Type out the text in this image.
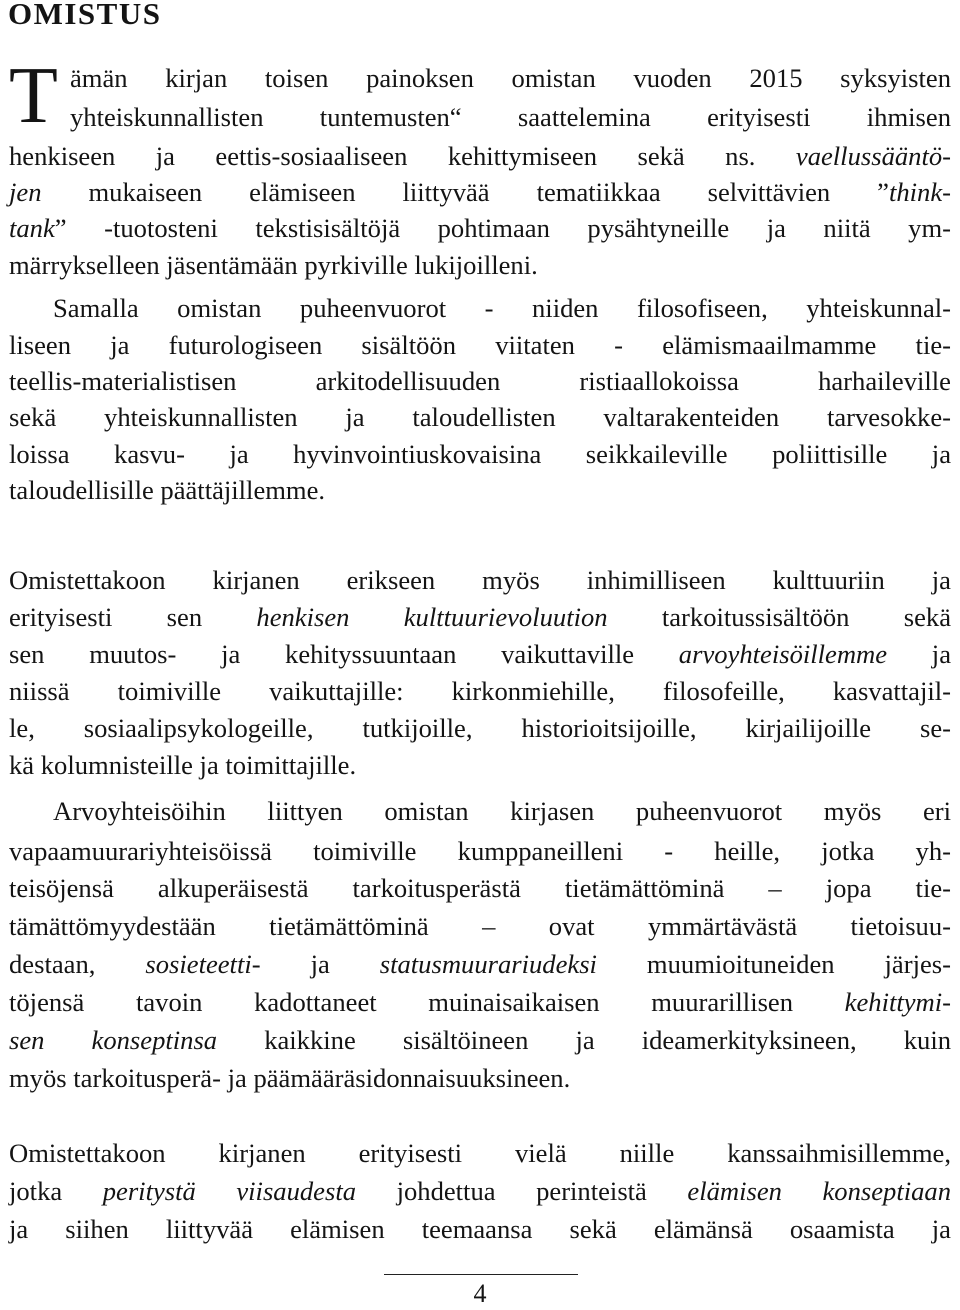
OMISTUS
T ämän kirjan toisen painoksen omistan vuoden 2015 syksyisten

yhteiskunnallisten tuntemusten“ saattelemina erityisesti ihmisen

henkiseen ja eettis-sosiaaliseen kehittymiseen sekä ns. vaellussääntö-

jen mukaiseen elämiseen liittyvää tematiikkaa selvittävien ”think-

tank” -tuotosteni tekstisisältöjä pohtimaan pysähtyneille ja niitä ym-

märrykselleen jäsentämään pyrkiville lukijoilleni.

Samalla omistan puheenvuorot - niiden filosofiseen, yhteiskunnal-

liseen ja futurologiseen sisältöön viitaten - elämismaailmamme tie-

teellis-materialistisen arkitodellisuuden ristiaallokoissa harhaileville

sekä yhteiskunnallisten ja taloudellisten valtarakenteiden tarvesokke-

loissa kasvu- ja hyvinvointiuskovaisina seikkaileville poliittisille ja

taloudellisille päättäjillemme.

Omistettakoon kirjanen erikseen myös inhimilliseen kulttuuriin ja

erityisesti sen henkisen kulttuurievoluution tarkoitussisältöön sekä

sen muutos- ja kehityssuuntaan vaikuttaville arvoyhteisöillemme ja

niissä toimiville vaikuttajille: kirkonmiehille, filosofeille, kasvattajil-

le, sosiaalipsykologeille, tutkijoille, historioitsijoille, kirjailijoille se-

kä kolumnisteille ja toimittajille.

Arvoyhteisöihin liittyen omistan kirjasen puheenvuorot myös eri

vapaamuurariyhteisöissä toimiville kumppaneilleni - heille, jotka yh-

teisöjensä alkuperäisestä tarkoitusperästä tietämättöminä – jopa tie-

tämättömyydestään tietämättöminä – ovat ymmärtävästä tietoisuu-

destaan, sosieteetti- ja statusmuurariudeksi muumioituneiden järjes-

töjensä tavoin kadottaneet muinaisaikaisen muurarillisen kehittymi-

sen konseptinsa kaikkine sisältöineen ja ideamerkityksineen, kuin

myös tarkoitusperä- ja päämääräsidonnaisuuksineen.

Omistettakoon kirjanen erityisesti vielä niille kanssaihmisillemme,

jotka peritystä viisaudesta johdettua perinteistä elämisen konseptiaan

ja siihen liittyvää elämisen teemaansa sekä elämänsä osaamista ja

4
